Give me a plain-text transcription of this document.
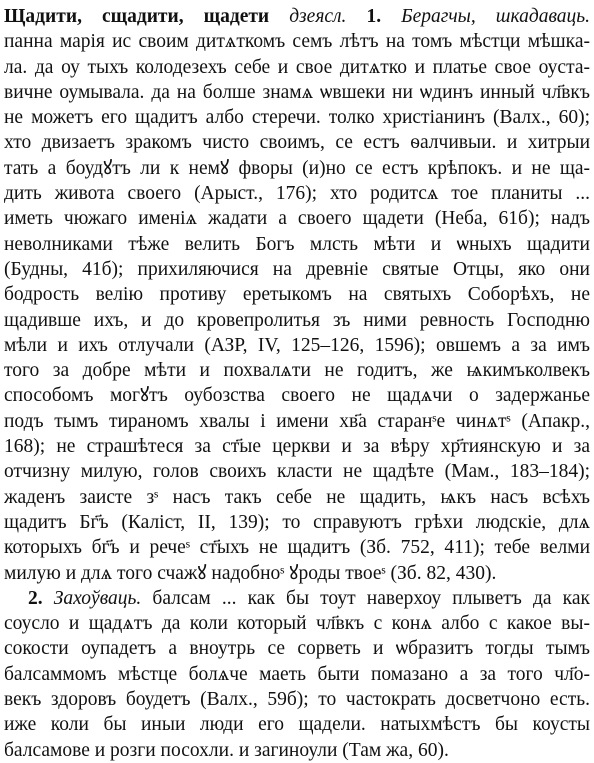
Щадити, сщадити, щадети дзеясл. 1. Берагчы, шкадаваць.
панна марія ис своим дитѧткомъ семъ лѣтъ на томъ мѣстци мѣшка-
ла. да оу тыхъ колодезехъ себе и свое дитѧтко и платье свое оуста-
вичне оумывала. да на болше знамѧ ѡвшеки ни ѡдинъ инный чл҃вкъ
не можетъ его щадитъ албо стеречи. толко христіанинъ (Валх., 60);
хто двизаетъ зракомъ чисто своимъ, се естъ ѳалчивыи. и хитрыи
тать а боудꙋтъ ли к немꙋ фворы (и)но се естъ крѣпокъ. и не ща-
дить живота своего (Арыст., 176); хто родитсѧ тое планиты ...
иметь чюжаго именіѧ жадати а своего щадети (Неба, 61б); надъ
неволниками тѣже велить Богъ млсть мѣти и ѡныхъ щадити
(Будны, 41б); прихиляючися на древніе святые Отцы, яко они
бодрость велію противу еретыкомъ на святыхъ Соборѣхъ, не
щадивше ихъ, и до кровепролитья зъ ними ревность Господню
мѣли и ихъ отлучали (АЗР, IV, 125–126, 1596); овшемъ а за имъ
того за добре мѣти и похвалѧти не годитъ, же ѩкимъколвекъ
способомъ могꙋтъ оубозства своего не щадѧчи о задержанье
подъ тымъ тираномъ хвалы і имени хв҃а старанˢе чинѧтˢ (Апакр.,
168); не страшѣтеся за ст҃ые церкви и за вѣру хр҃тиянскую и за
отчизну милую, голов своихъ класти не щадѣте (Мам., 183–184);
жаденъ заисте зˢ насъ такъ себе не щадить, ѩкъ насъ всѣхъ
щадитъ Бг҃ъ (Каліст, II, 139); то справуютъ грѣхи людскіе, длѧ
которыхъ бг҃ъ и речеˢ ст҃ыхъ не щадитъ (Зб. 752, 411); тебе велми
милую и длѧ того счажꙋ надобноˢ ꙋроды твоеˢ (Зб. 82, 430).
2. Захоўваць. балсам ... как бы тоут наверхоу плыветъ да как
соусло и щадѧтъ да коли который чл҃вкъ с конѧ албо с какое вы-
сокости оупадетъ а вноутрь се сорветь и ѡбразитъ тогды тымъ
балсаммомъ мѣстце болѧче маеть быти помазано а за того чл҃о-
векъ здоровъ боудетъ (Валх., 59б); то частократь досветчоно есть.
иже коли бы иныи люди его щадели. натыхмѣстъ бы коусты
балсамове и розги посохли. и загиноули (Там жа, 60).
